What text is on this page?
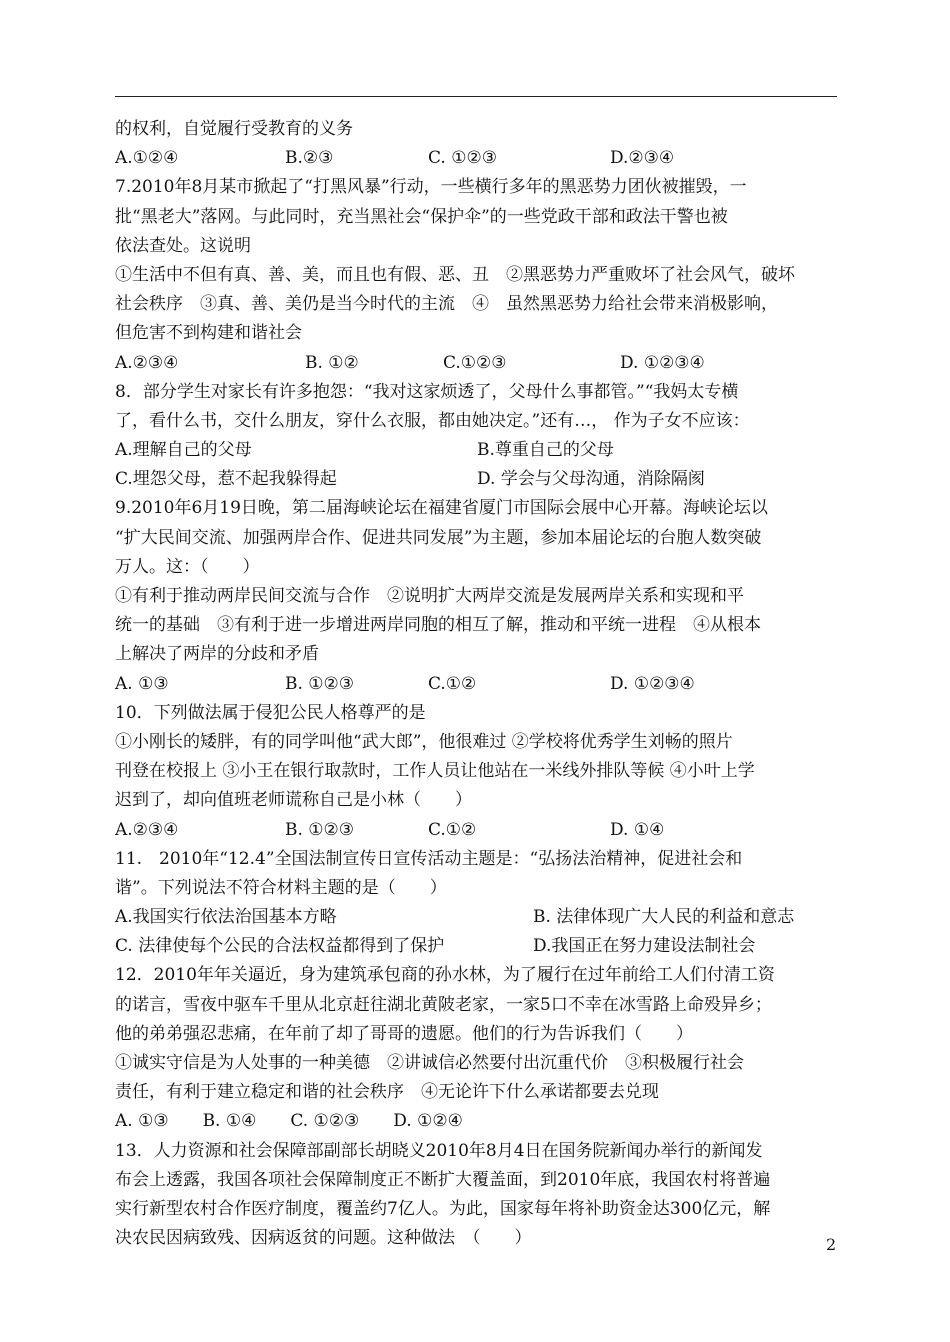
的权利，自觉履行受教育的义务
A.①②④	B.②③	C. ①②③	D.②③④
7.2010年8月某市掀起了“打黑风暴”行动，一些横行多年的黑恶势力团伙被摧毁，一
批“黑老大”落网。与此同时，充当黑社会“保护伞”的一些党政干部和政法干警也被
依法查处。这说明
①生活中不但有真、善、美，而且也有假、恶、丑　②黑恶势力严重败坏了社会风气，破坏
社会秩序　③真、善、美仍是当今时代的主流　④　虽然黑恶势力给社会带来消极影响，
但危害不到构建和谐社会
A.②③④	B. ①②	C.①②③	D. ①②③④
8．部分学生对家长有许多抱怨：“我对这家烦透了，父母什么事都管。”“我妈太专横
了，看什么书，交什么朋友，穿什么衣服，都由她决定。”还有…， 作为子女不应该：
A.理解自己的父母	B.尊重自己的父母
C.埋怨父母，惹不起我躲得起	D. 学会与父母沟通，消除隔阂
9.2010年6月19日晚，第二届海峡论坛在福建省厦门市国际会展中心开幕。海峡论坛以
“扩大民间交流、加强两岸合作、促进共同发展”为主题，参加本届论坛的台胞人数突破
万人。这：（　　）
①有利于推动两岸民间交流与合作　②说明扩大两岸交流是发展两岸关系和实现和平
统一的基础　③有利于进一步增进两岸同胞的相互了解，推动和平统一进程　④从根本
上解决了两岸的分歧和矛盾
A. ①③	B. ①②③	C.①②	D. ①②③④
10．下列做法属于侵犯公民人格尊严的是
①小刚长的矮胖，有的同学叫他“武大郎”，他很难过 ②学校将优秀学生刘畅的照片
刊登在校报上 ③小王在银行取款时，工作人员让他站在一米线外排队等候 ④小叶上学
迟到了，却向值班老师谎称自己是小林（　　）
A.②③④	B. ①②③	C.①②	D. ①④
11.　2010年“12.4”全国法制宣传日宣传活动主题是：“弘扬法治精神，促进社会和
谐”。下列说法不符合材料主题的是（　　）
A.我国实行依法治国基本方略	B. 法律体现广大人民的利益和意志
C. 法律使每个公民的合法权益都得到了保护	D.我国正在努力建设法制社会
12．2010年年关逼近，身为建筑承包商的孙水林，为了履行在过年前给工人们付清工资
的诺言，雪夜中驱车千里从北京赶往湖北黄陂老家，一家5口不幸在冰雪路上命殁异乡；
他的弟弟强忍悲痛，在年前了却了哥哥的遗愿。他们的行为告诉我们（　　）
①诚实守信是为人处事的一种美德　②讲诚信必然要付出沉重代价　③积极履行社会
责任，有利于建立稳定和谐的社会秩序　④无论许下什么承诺都要去兑现
A. ①③　　B. ①④　　C. ①②③　　D. ①②④
13．人力资源和社会保障部副部长胡晓义2010年8月4日在国务院新闻办举行的新闻发
布会上透露，我国各项社会保障制度正不断扩大覆盖面，到2010年底，我国农村将普遍
实行新型农村合作医疗制度，覆盖约7亿人。为此，国家每年将补助资金达300亿元，解
决农民因病致残、因病返贫的问题。这种做法　（　　）	2
